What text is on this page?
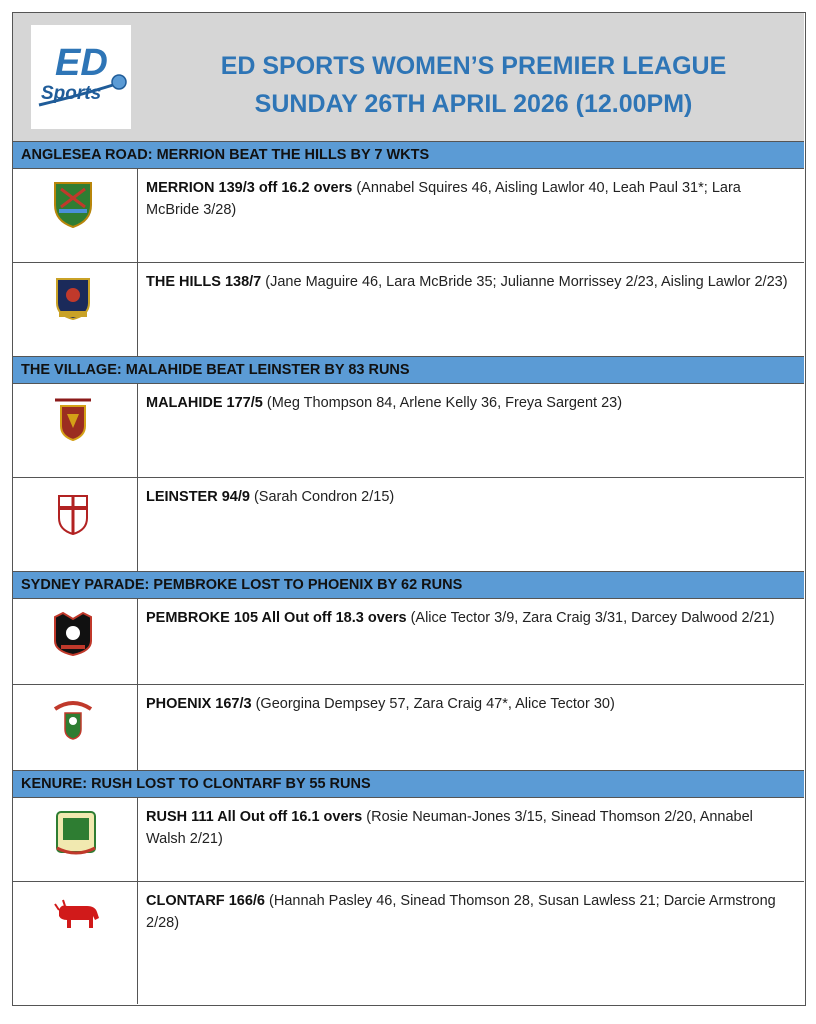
ED
Sports
ED SPORTS WOMEN’S PREMIER LEAGUE
SUNDAY 26TH APRIL 2026 (12.00PM)
ANGLESEA ROAD: MERRION BEAT THE HILLS BY 7 WKTS
MERRION 139/3 off 16.2 overs (Annabel Squires 46, Aisling Lawlor 40, Leah Paul 31*; Lara McBride 3/28)
THE HILLS 138/7 (Jane Maguire 46, Lara McBride 35; Julianne Morrissey 2/23, Aisling Lawlor 2/23)
THE VILLAGE: MALAHIDE BEAT LEINSTER BY 83 RUNS
MALAHIDE 177/5 (Meg Thompson 84, Arlene Kelly 36, Freya Sargent 23)
LEINSTER 94/9 (Sarah Condron 2/15)
SYDNEY PARADE: PEMBROKE LOST TO PHOENIX BY 62 RUNS
PEMBROKE 105 All Out off 18.3 overs (Alice Tector 3/9, Zara Craig 3/31, Darcey Dalwood 2/21)
PHOENIX 167/3 (Georgina Dempsey 57, Zara Craig 47*, Alice Tector 30)
KENURE: RUSH LOST TO CLONTARF BY 55 RUNS
RUSH 111 All Out off 16.1 overs (Rosie Neuman-Jones 3/15, Sinead Thomson 2/20, Annabel Walsh 2/21)
CLONTARF 166/6 (Hannah Pasley 46, Sinead Thomson 28, Susan Lawless 21; Darcie Armstrong 2/28)
